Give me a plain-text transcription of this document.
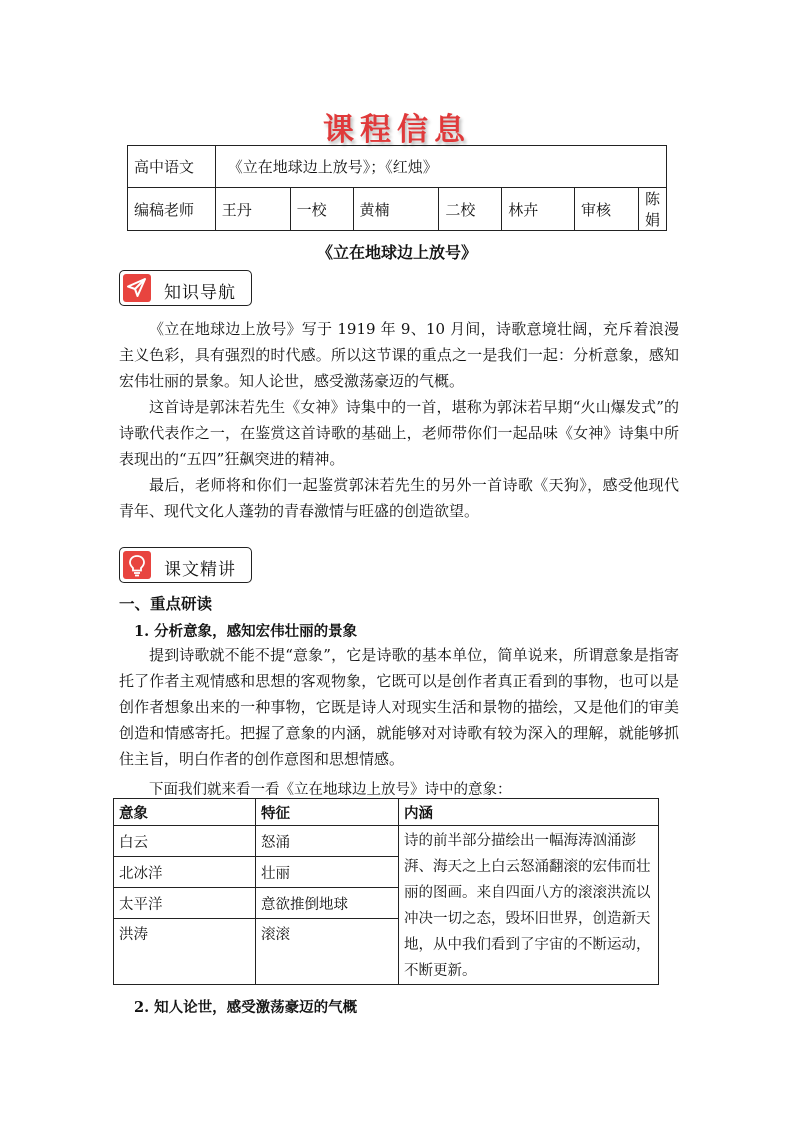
课程信息
高中语文	《立在地球边上放号》；《红烛》						
编稿老师	王丹	一校	黄楠	二校	林卉	审核	陈娟
《立在地球边上放号》
知识导航

《立在地球边上放号》写于 1919 年 9、10 月间，诗歌意境壮阔，充斥着浪漫主义色彩，具有强烈的时代感。所以这节课的重点之一是我们一起：分析意象，感知宏伟壮丽的景象。知人论世，感受激荡豪迈的气概。

这首诗是郭沫若先生《女神》诗集中的一首，堪称为郭沫若早期“火山爆发式”的诗歌代表作之一，在鉴赏这首诗歌的基础上，老师带你们一起品味《女神》诗集中所表现出的“五四”狂飙突进的精神。

最后，老师将和你们一起鉴赏郭沫若先生的另外一首诗歌《天狗》，感受他现代青年、现代文化人蓬勃的青春激情与旺盛的创造欲望。

课文精讲
一、重点研读
1. 分析意象，感知宏伟壮丽的景象

提到诗歌就不能不提“意象”，它是诗歌的基本单位，简单说来，所谓意象是指寄托了作者主观情感和思想的客观物象，它既可以是创作者真正看到的事物，也可以是创作者想象出来的一种事物，它既是诗人对现实生活和景物的描绘，又是他们的审美创造和情感寄托。把握了意象的内涵，就能够对对诗歌有较为深入的理解，就能够抓住主旨，明白作者的创作意图和思想情感。

下面我们就来看一看《立在地球边上放号》诗中的意象：
意象	特征	内涵
白云	怒涌	诗的前半部分描绘出一幅海涛汹涌澎湃、海天之上白云怒涌翻滚的宏伟而壮丽的图画。来自四面八方的滚滚洪流以冲决一切之态，毁坏旧世界，创造新天地，从中我们看到了宇宙的不断运动，不断更新。
北冰洋	壮丽	
太平洋	意欲推倒地球	
洪涛	滚滚	
2. 知人论世，感受激荡豪迈的气概
